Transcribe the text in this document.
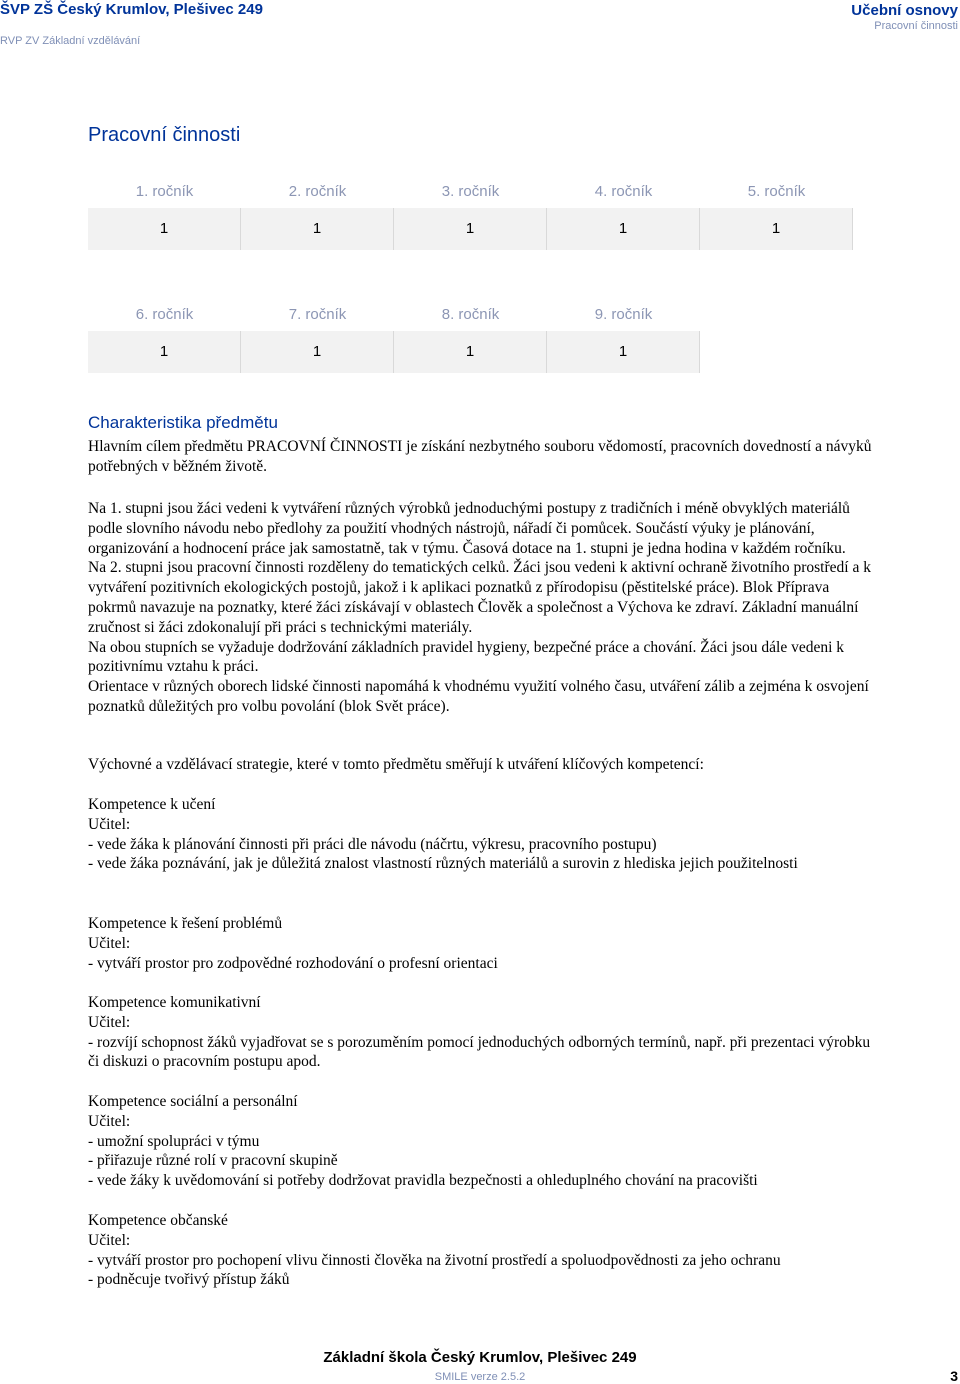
ŠVP ZŠ Český Krumlov, Plešivec 249
RVP ZV Základní vzdělávání
Učební osnovy
Pracovní činnosti
Pracovní činnosti
1. ročník	2. ročník	3. ročník	4. ročník	5. ročník
1	1	1	1	1
6. ročník	7. ročník	8. ročník	9. ročník
1	1	1	1
Charakteristika předmětu
Hlavním cílem předmětu PRACOVNÍ ČINNOSTI je získání nezbytného souboru vědomostí, pracovních dovedností a návyků potřebných v běžném životě.

Na 1. stupni jsou žáci vedeni k vytváření různých výrobků jednoduchými postupy z tradičních i méně obvyklých materiálů podle slovního návodu nebo předlohy za použití vhodných nástrojů, nářadí či pomůcek. Součástí výuky je plánování, organizování a hodnocení práce jak samostatně, tak v týmu. Časová dotace na 1. stupni je jedna hodina v každém ročníku.

Na 2. stupni jsou pracovní činnosti rozděleny do tematických celků. Žáci jsou vedeni k aktivní ochraně životního prostředí a k vytváření pozitivních ekologických postojů, jakož i k aplikaci poznatků z přírodopisu (pěstitelské práce). Blok Příprava pokrmů navazuje na poznatky, které žáci získávají v oblastech Člověk a společnost a Výchova ke zdraví. Základní manuální zručnost si žáci zdokonalují při práci s technickými materiály.

Na obou stupních se vyžaduje dodržování základních pravidel hygieny, bezpečné práce a chování. Žáci jsou dále vedeni k pozitivnímu vztahu k práci.

Orientace v různých oborech lidské činnosti napomáhá k vhodnému využití volného času, utváření zálib a zejména k osvojení poznatků důležitých pro volbu povolání (blok Svět práce).

Výchovné a vzdělávací strategie, které v tomto předmětu směřují k utváření klíčových kompetencí:

Kompetence k učení

Učitel:

- vede žáka k plánování činnosti při práci dle návodu (náčrtu, výkresu, pracovního postupu)

- vede žáka poznávání, jak je důležitá znalost vlastností různých materiálů a surovin z hlediska jejich použitelnosti

Kompetence k řešení problémů

Učitel:

- vytváří prostor pro zodpovědné rozhodování o profesní orientaci

Kompetence komunikativní

Učitel:

- rozvíjí schopnost žáků vyjadřovat se s porozuměním pomocí jednoduchých odborných termínů, např. při prezentaci výrobku či diskuzi o pracovním postupu apod.

Kompetence sociální a personální

Učitel:

- umožní spolupráci v týmu

- přiřazuje různé rolí v pracovní skupině

- vede žáky k uvědomování si potřeby dodržovat pravidla bezpečnosti a ohleduplného chování na pracovišti

Kompetence občanské

Učitel:

- vytváří prostor pro pochopení vlivu činnosti člověka na životní prostředí a spoluodpovědnosti za jeho ochranu

- podněcuje tvořivý přístup žáků

Základní škola Český Krumlov, Plešivec 249
SMILE verze 2.5.2	3
